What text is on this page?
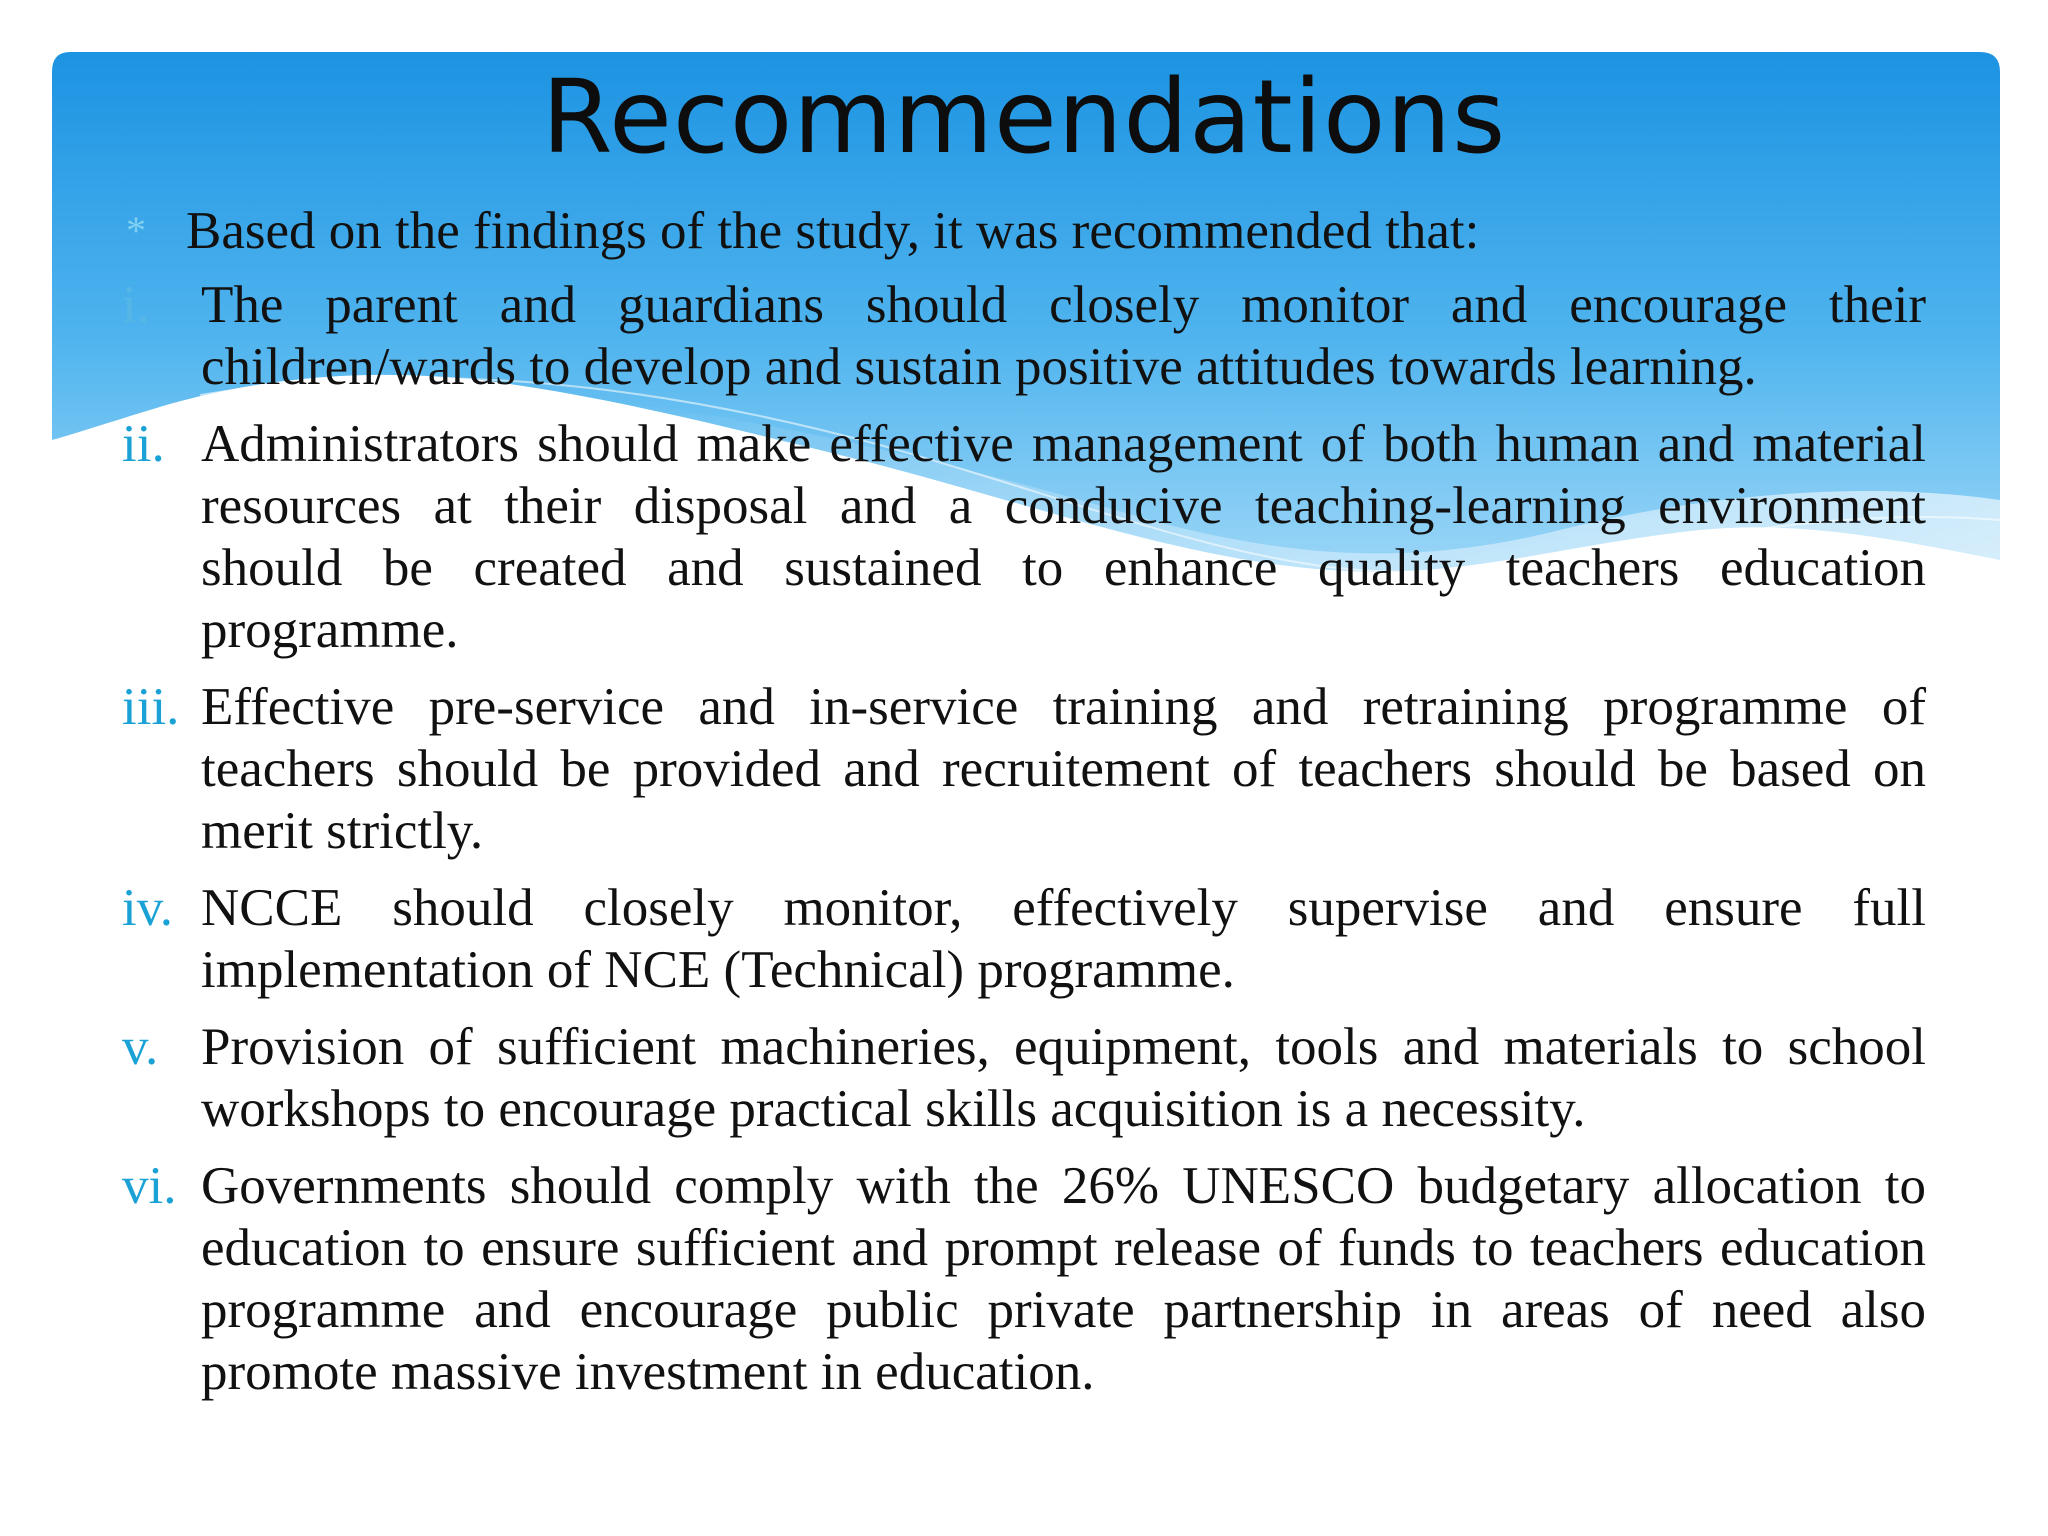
Recommendations
* Based on the findings of the study, it was recommended that:
i. The parent and guardians should closely monitor and encourage their children/wards to develop and sustain positive attitudes towards learning.
ii. Administrators should make effective management of both human and material resources at their disposal and a conducive teaching-learning environment should be created and sustained to enhance quality teachers education programme.
iii. Effective pre-service and in-service training and retraining programme of teachers should be provided and recruitement of teachers should be based on merit strictly.
iv. NCCE should closely monitor, effectively supervise and ensure full implementation of NCE (Technical) programme.
v. Provision of sufficient machineries, equipment, tools and materials to school workshops to encourage practical skills acquisition is a necessity.
vi. Governments should comply with the 26% UNESCO budgetary allocation to education to ensure sufficient and prompt release of funds to teachers education programme and encourage public private partnership in areas of need also promote massive investment in education.
